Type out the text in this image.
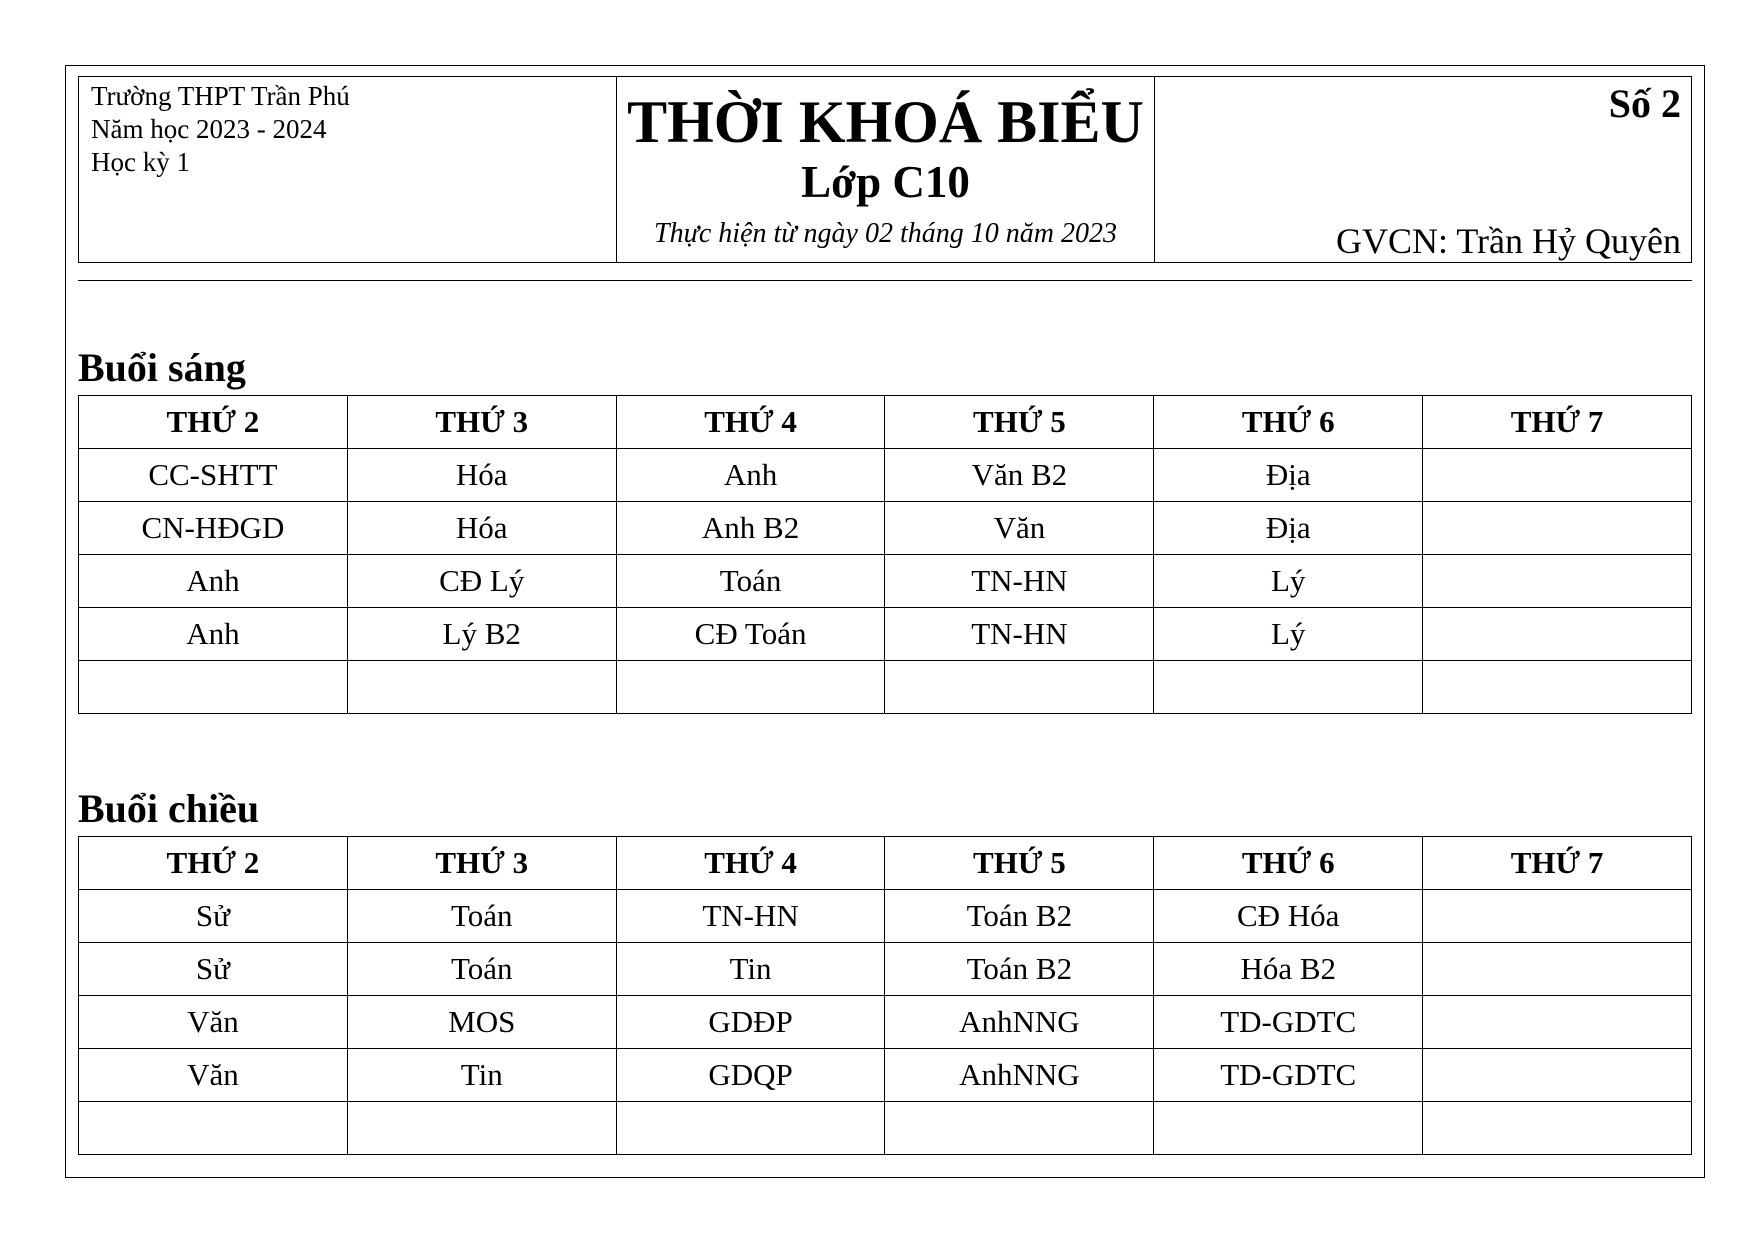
Trường THPT Trần Phú
Năm học 2023 - 2024
Học kỳ 1
THỜI KHOÁ BIỂU
Lớp C10
Thực hiện từ ngày 02 tháng 10 năm 2023
Số 2
GVCN: Trần Hỷ Quyên
Buổi sáng
THỨ 2	THỨ 3	THỨ 4	THỨ 5	THỨ 6	THỨ 7
CC-SHTT	Hóa	Anh	Văn B2	Địa	
CN-HĐGD	Hóa	Anh B2	Văn	Địa	
Anh	CĐ Lý	Toán	TN-HN	Lý	
Anh	Lý B2	CĐ Toán	TN-HN	Lý	

Buổi chiều
THỨ 2	THỨ 3	THỨ 4	THỨ 5	THỨ 6	THỨ 7
Sử	Toán	TN-HN	Toán B2	CĐ Hóa	
Sử	Toán	Tin	Toán B2	Hóa B2	
Văn	MOS	GDĐP	AnhNNG	TD-GDTC	
Văn	Tin	GDQP	AnhNNG	TD-GDTC	
